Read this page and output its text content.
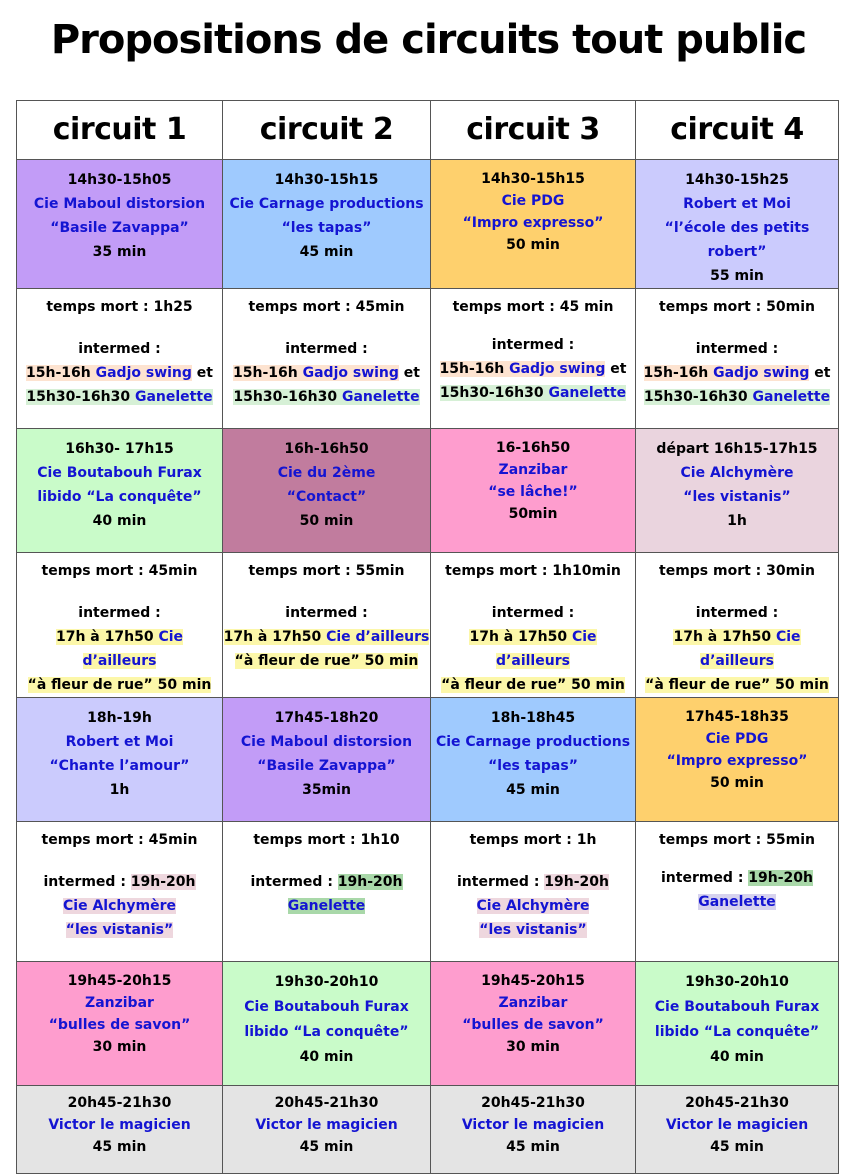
Propositions de circuits tout public
circuit 1	circuit 2	circuit 3	circuit 4

14h30-15h05
Cie Maboul distorsion
“Basile Zavappa”
35 min	14h30-15h15
Cie Carnage productions
“les tapas”
45 min	14h30-15h15
Cie PDG
“Impro expresso”
50 min	14h30-15h25
Robert et Moi
“l’école des petits robert”
55 min

temps mort : 1h25
intermed :
15h-16h Gadjo swing et
15h30-16h30 Ganelette	temps mort : 45min
intermed :
15h-16h Gadjo swing et
15h30-16h30 Ganelette	temps mort : 45 min
intermed :
15h-16h Gadjo swing et
15h30-16h30 Ganelette	temps mort : 50min
intermed :
15h-16h Gadjo swing et
15h30-16h30 Ganelette

16h30- 17h15
Cie Boutabouh Furax
libido “La conquête”
40 min	16h-16h50
Cie du 2ème
“Contact”
50 min	16-16h50
Zanzibar
“se lâche!”
50min	départ 16h15-17h15
Cie Alchymère
“les vistanis”
1h

temps mort : 45min
intermed :
17h à 17h50 Cie d’ailleurs
“à fleur de rue” 50 min	temps mort : 55min
intermed :
17h à 17h50 Cie d’ailleurs
“à fleur de rue” 50 min	temps mort : 1h10min
intermed :
17h à 17h50 Cie d’ailleurs
“à fleur de rue” 50 min	temps mort : 30min
intermed :
17h à 17h50 Cie d’ailleurs
“à fleur de rue” 50 min

18h-19h
Robert et Moi
“Chante l’amour”
1h	17h45-18h20
Cie Maboul distorsion
“Basile Zavappa”
35min	18h-18h45
Cie Carnage productions
“les tapas”
45 min	17h45-18h35
Cie PDG
“Impro expresso”
50 min

temps mort : 45min
intermed : 19h-20h
Cie Alchymère
“les vistanis”	temps mort : 1h10
intermed : 19h-20h
Ganelette	temps mort : 1h
intermed : 19h-20h
Cie Alchymère
“les vistanis”	temps mort : 55min
intermed : 19h-20h
Ganelette

19h45-20h15
Zanzibar
“bulles de savon”
30 min	19h30-20h10
Cie Boutabouh Furax
libido “La conquête”
40 min	19h45-20h15
Zanzibar
“bulles de savon”
30 min	19h30-20h10
Cie Boutabouh Furax
libido “La conquête”
40 min

20h45-21h30
Victor le magicien
45 min	20h45-21h30
Victor le magicien
45 min	20h45-21h30
Victor le magicien
45 min	20h45-21h30
Victor le magicien
45 min
